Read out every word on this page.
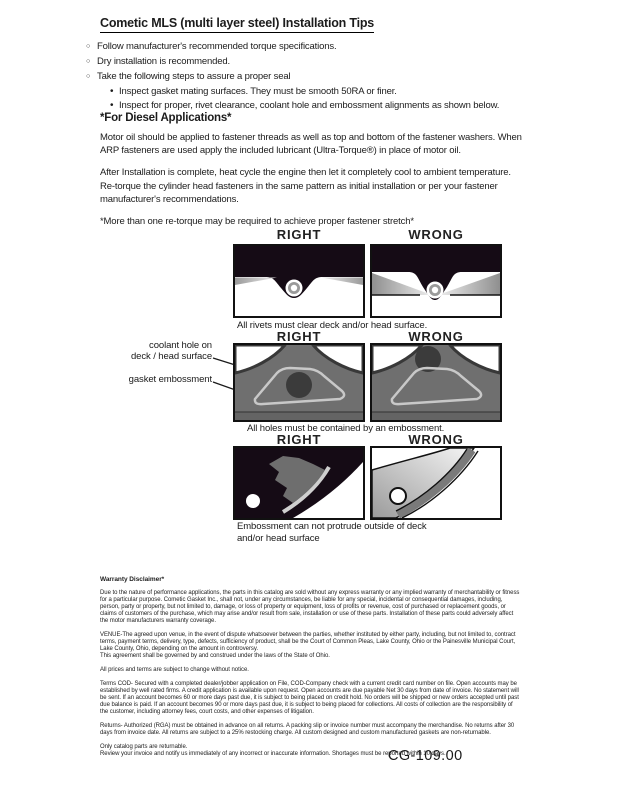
Cometic MLS (multi layer steel) Installation Tips
○Follow manufacturer's recommended torque specifications.
○Dry installation is recommended.
○Take the following steps to assure a proper seal
•Inspect gasket mating surfaces. They must be smooth 50RA or finer.
•Inspect for proper, rivet clearance, coolant hole and embossment alignments as shown below.
*For Diesel Applications*

Motor oil should be applied to fastener threads as well as top and bottom of the fastener washers. When ARP fasteners are used apply the included lubricant (Ultra-Torque®) in place of motor oil.

After Installation is complete, heat cycle the engine then let it completely cool to ambient temperature. Re-torque the cylinder head fasteners in the same pattern as initial installation or per your fastener manufacturer's recommendations.

*More than one re-torque may be required to achieve proper fastener stretch*

RIGHT	WRONG
All rivets must clear deck and/or head surface.
RIGHT	WRONG
coolant hole on
deck / head surface
gasket embossment
All holes must be contained by an embossment.
RIGHT	WRONG
Embossment can not protrude outside of deck
and/or head surface
Warranty Disclaimer*

Due to the nature of performance applications, the parts in this catalog are sold without any express warranty or any implied warranty of merchantability or fitness for a particular purpose. Cometic Gasket Inc., shall not, under any circumstances, be liable for any special, incidental or consequential damages, including, person, party or property, but not limited to, damage, or loss of property or equipment, loss of profits or revenue, cost of purchased or replacement goods, or claims of customers of the purchase, which may arise and/or result from sale, installation or use of these parts. Installation of these parts could adversely affect the motor manufacturers warranty coverage.

VENUE-The agreed upon venue, in the event of dispute whatsoever between the parties, whether instituted by either party, including, but not limited to, contract terms, payment terms, delivery, type, defects, sufficiency of product, shall be the Court of Common Pleas, Lake County, Ohio or the Painesville Municipal Court, Lake County, Ohio, depending on the amount in controversy.

This agreement shall be governed by and construed under the laws of the State of Ohio.

All prices and terms are subject to change without notice.

Terms COD- Secured with a completed dealer/jobber application on File, COD-Company check with a current credit card number on file. Open accounts may be established by well rated firms. A credit application is available upon request. Open accounts are due payable Net 30 days from date of invoice. No statement will be sent. If an account becomes 60 or more days past due, it is subject to being placed on credit hold. No orders will be shipped or new orders accepted until past due balance is paid. If an account becomes 90 or more days past due, it is subject to being placed for collections. All costs of collection are the responsibility of the customer, including attorney fees, court costs, and other expenses of litigation.

Returns- Authorized (RGA) must be obtained in advance on all returns. A packing slip or invoice number must accompany the merchandise. No returns after 30 days from invoice date. All returns are subject to a 25% restocking charge. All custom designed and custom manufactured gaskets are non-returnable.

Only catalog parts are returnable.

Review your invoice and notify us immediately of any incorrect or inaccurate information. Shortages must be reported within 10 days.

CG-109.00
